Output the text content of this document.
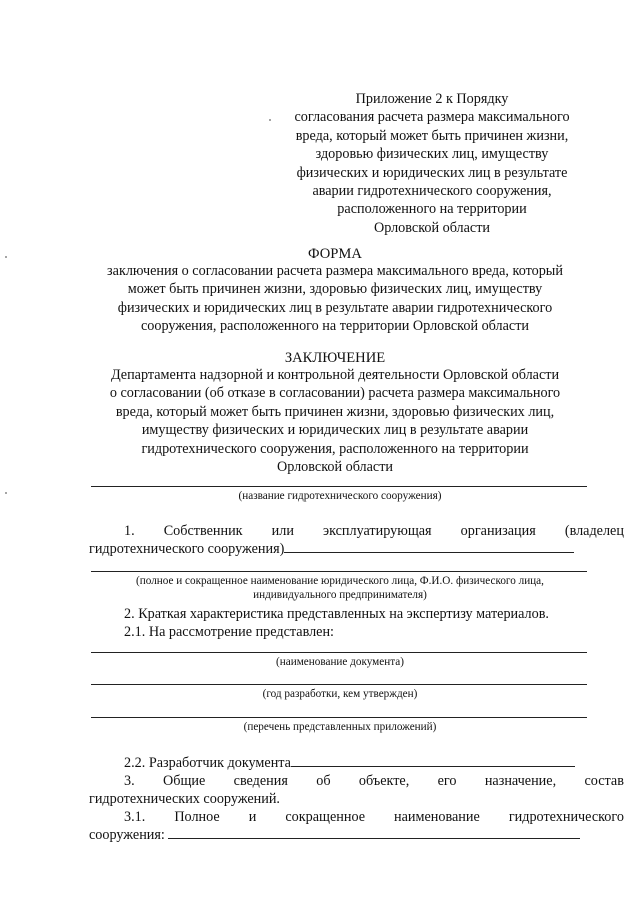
Приложение 2 к Порядку
согласования расчета размера максимального
вреда, который может быть причинен жизни,
здоровью физических лиц, имуществу
физических и юридических лиц в результате
аварии гидротехнического сооружения,
расположенного на территории
Орловской области
ФОРМА
заключения о согласовании расчета размера максимального вреда, который
может быть причинен жизни, здоровью физических лиц, имуществу
физических и юридических лиц в результате аварии гидротехнического
сооружения, расположенного на территории Орловской области
ЗАКЛЮЧЕНИЕ
Департамента надзорной и контрольной деятельности Орловской области
о согласовании (об отказе в согласовании) расчета размера максимального
вреда, который может быть причинен жизни, здоровью физических лиц,
имуществу физических и юридических лиц в результате аварии
гидротехнического сооружения, расположенного на территории
Орловской области
(название гидротехнического сооружения)
1. Собственник или эксплуатирующая организация (владелец
гидротехнического сооружения)
(полное и сокращенное наименование юридического лица, Ф.И.О. физического лица,
индивидуального предпринимателя)
2. Краткая характеристика представленных на экспертизу материалов.
2.1. На рассмотрение представлен:
(наименование документа)
(год разработки, кем утвержден)
(перечень представленных приложений)
2.2. Разработчик документа
3. Общие сведения об объекте, его назначение, состав
гидротехнических сооружений.
3.1. Полное и сокращенное наименование гидротехнического
сооружения:
